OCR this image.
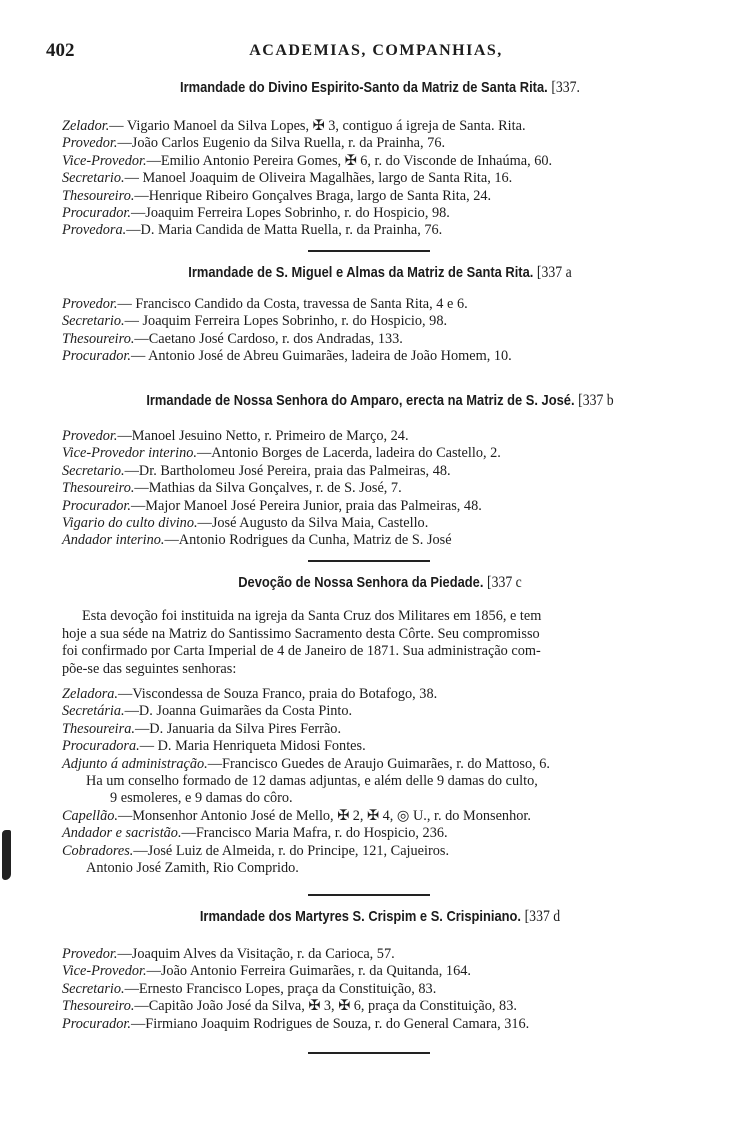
402	ACADEMIAS, COMPANHIAS,
Irmandade do Divino Espirito-Santo da Matriz de Santa Rita. [337.
Zelador.— Vigario Manoel da Silva Lopes, ✠ 3, contiguo á igreja de Santa. Rita.
Provedor.—João Carlos Eugenio da Silva Ruella, r. da Prainha, 76.
Vice-Provedor.—Emilio Antonio Pereira Gomes, ✠ 6, r. do Visconde de Inhaúma, 60.
Secretario.— Manoel Joaquim de Oliveira Magalhães, largo de Santa Rita, 16.
Thesoureiro.—Henrique Ribeiro Gonçalves Braga, largo de Santa Rita, 24.
Procurador.—Joaquim Ferreira Lopes Sobrinho, r. do Hospicio, 98.
Provedora.—D. Maria Candida de Matta Ruella, r. da Prainha, 76.
Irmandade de S. Miguel e Almas da Matriz de Santa Rita. [337 a
Provedor.— Francisco Candido da Costa, travessa de Santa Rita, 4 e 6.
Secretario.— Joaquim Ferreira Lopes Sobrinho, r. do Hospicio, 98.
Thesoureiro.—Caetano José Cardoso, r. dos Andradas, 133.
Procurador.— Antonio José de Abreu Guimarães, ladeira de João Homem, 10.
Irmandade de Nossa Senhora do Amparo, erecta na Matriz de S. José. [337 b
Provedor.—Manoel Jesuino Netto, r. Primeiro de Março, 24.
Vice-Provedor interino.—Antonio Borges de Lacerda, ladeira do Castello, 2.
Secretario.—Dr. Bartholomeu José Pereira, praia das Palmeiras, 48.
Thesoureiro.—Mathias da Silva Gonçalves, r. de S. José, 7.
Procurador.—Major Manoel José Pereira Junior, praia das Palmeiras, 48.
Vigario do culto divino.—José Augusto da Silva Maia, Castello.
Andador interino.—Antonio Rodrigues da Cunha, Matriz de S. José
Devoção de Nossa Senhora da Piedade. [337 c
Esta devoção foi instituida na igreja da Santa Cruz dos Militares em 1856, e tem
hoje a sua séde na Matriz do Santissimo Sacramento desta Côrte. Seu compromisso
foi confirmado por Carta Imperial de 4 de Janeiro de 1871. Sua administração com-
põe-se das seguintes senhoras:
Zeladora.—Viscondessa de Souza Franco, praia do Botafogo, 38.
Secretária.—D. Joanna Guimarães da Costa Pinto.
Thesoureira.—D. Januaria da Silva Pires Ferrão.
Procuradora.— D. Maria Henriqueta Midosi Fontes.
Adjunto á administração.—Francisco Guedes de Araujo Guimarães, r. do Mattoso, 6.
Ha um conselho formado de 12 damas adjuntas, e além delle 9 damas do culto,
9 esmoleres, e 9 damas do côro.
Capellão.—Monsenhor Antonio José de Mello, ✠ 2, ✠ 4, ◎ U., r. do Monsenhor.
Andador e sacristão.—Francisco Maria Mafra, r. do Hospicio, 236.
Cobradores.—José Luiz de Almeida, r. do Principe, 121, Cajueiros.
Antonio José Zamith, Rio Comprido.
Irmandade dos Martyres S. Crispim e S. Crispiniano. [337 d
Provedor.—Joaquim Alves da Visitação, r. da Carioca, 57.
Vice-Provedor.—João Antonio Ferreira Guimarães, r. da Quitanda, 164.
Secretario.—Ernesto Francisco Lopes, praça da Constituição, 83.
Thesoureiro.—Capitão João José da Silva, ✠ 3, ✠ 6, praça da Constituição, 83.
Procurador.—Firmiano Joaquim Rodrigues de Souza, r. do General Camara, 316.
